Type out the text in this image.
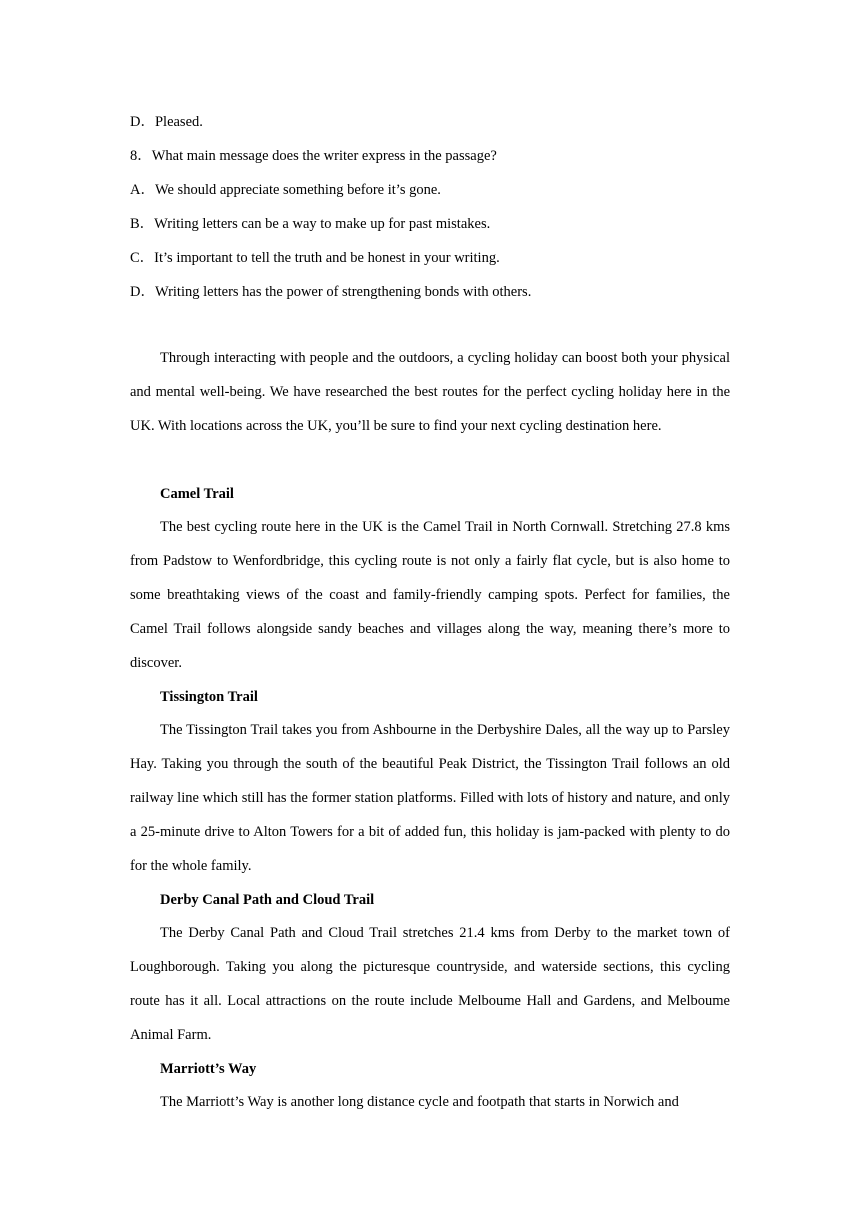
D．Pleased.
8．What main message does the writer express in the passage?
A．We should appreciate something before it’s gone.
B．Writing letters can be a way to make up for past mistakes.
C．It’s important to tell the truth and be honest in your writing.
D．Writing letters has the power of strengthening bonds with others.

Through interacting with people and the outdoors, a cycling holiday can boost both your physical and mental well-being. We have researched the best routes for the perfect cycling holiday here in the UK. With locations across the UK, you’ll be sure to find your next cycling destination here.

Camel Trail

The best cycling route here in the UK is the Camel Trail in North Cornwall. Stretching 27.8 kms from Padstow to Wenfordbridge, this cycling route is not only a fairly flat cycle, but is also home to some breathtaking views of the coast and family-friendly camping spots. Perfect for families, the Camel Trail follows alongside sandy beaches and villages along the way, meaning there’s more to discover.

Tissington Trail

The Tissington Trail takes you from Ashbourne in the Derbyshire Dales, all the way up to Parsley Hay. Taking you through the south of the beautiful Peak District, the Tissington Trail follows an old railway line which still has the former station platforms. Filled with lots of history and nature, and only a 25-minute drive to Alton Towers for a bit of added fun, this holiday is jam-packed with plenty to do for the whole family.

Derby Canal Path and Cloud Trail

The Derby Canal Path and Cloud Trail stretches 21.4 kms from Derby to the market town of Loughborough. Taking you along the picturesque countryside, and waterside sections, this cycling route has it all. Local attractions on the route include Melboume Hall and Gardens, and Melboume Animal Farm.

Marriott’s Way

The Marriott’s Way is another long distance cycle and footpath that starts in Norwich and
